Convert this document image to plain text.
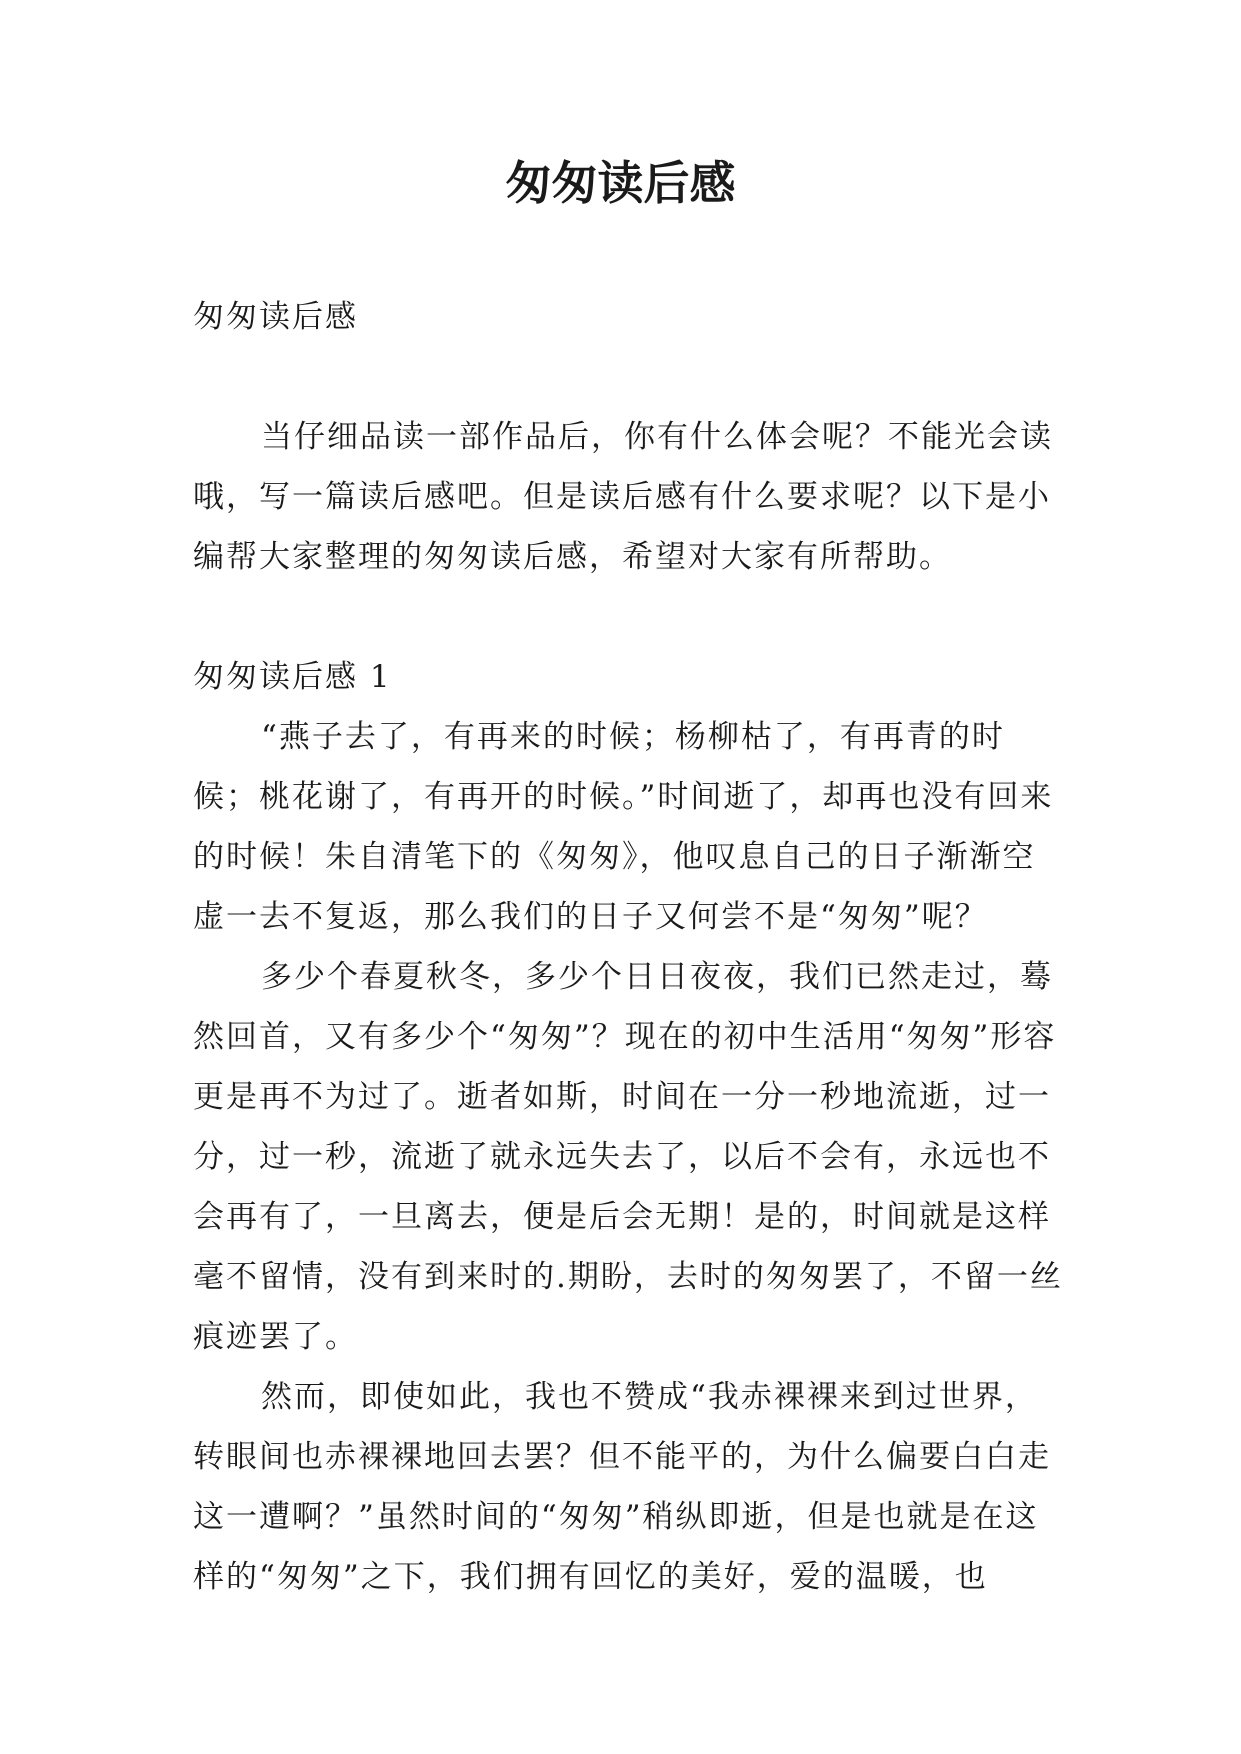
匆匆读后感

匆匆读后感

当仔细品读一部作品后，你有什么体会呢？不能光会读哦，写一篇读后感吧。但是读后感有什么要求呢？以下是小编帮大家整理的匆匆读后感，希望对大家有所帮助。

匆匆读后感 1

“燕子去了，有再来的时候；杨柳枯了，有再青的时候；桃花谢了，有再开的时候。”时间逝了，却再也没有回来的时候！朱自清笔下的《匆匆》，他叹息自己的日子渐渐空虚一去不复返，那么我们的日子又何尝不是“匆匆”呢？

多少个春夏秋冬，多少个日日夜夜，我们已然走过，蓦然回首，又有多少个“匆匆”？现在的初中生活用“匆匆”形容更是再不为过了。逝者如斯，时间在一分一秒地流逝，过一分，过一秒，流逝了就永远失去了，以后不会有，永远也不会再有了，一旦离去，便是后会无期！是的，时间就是这样毫不留情，没有到来时的.期盼，去时的匆匆罢了，不留一丝痕迹罢了。

然而，即使如此，我也不赞成“我赤裸裸来到过世界，转眼间也赤裸裸地回去罢？但不能平的，为什么偏要白白走这一遭啊？”虽然时间的“匆匆”稍纵即逝，但是也就是在这样的“匆匆”之下，我们拥有回忆的美好，爱的温暖，也
